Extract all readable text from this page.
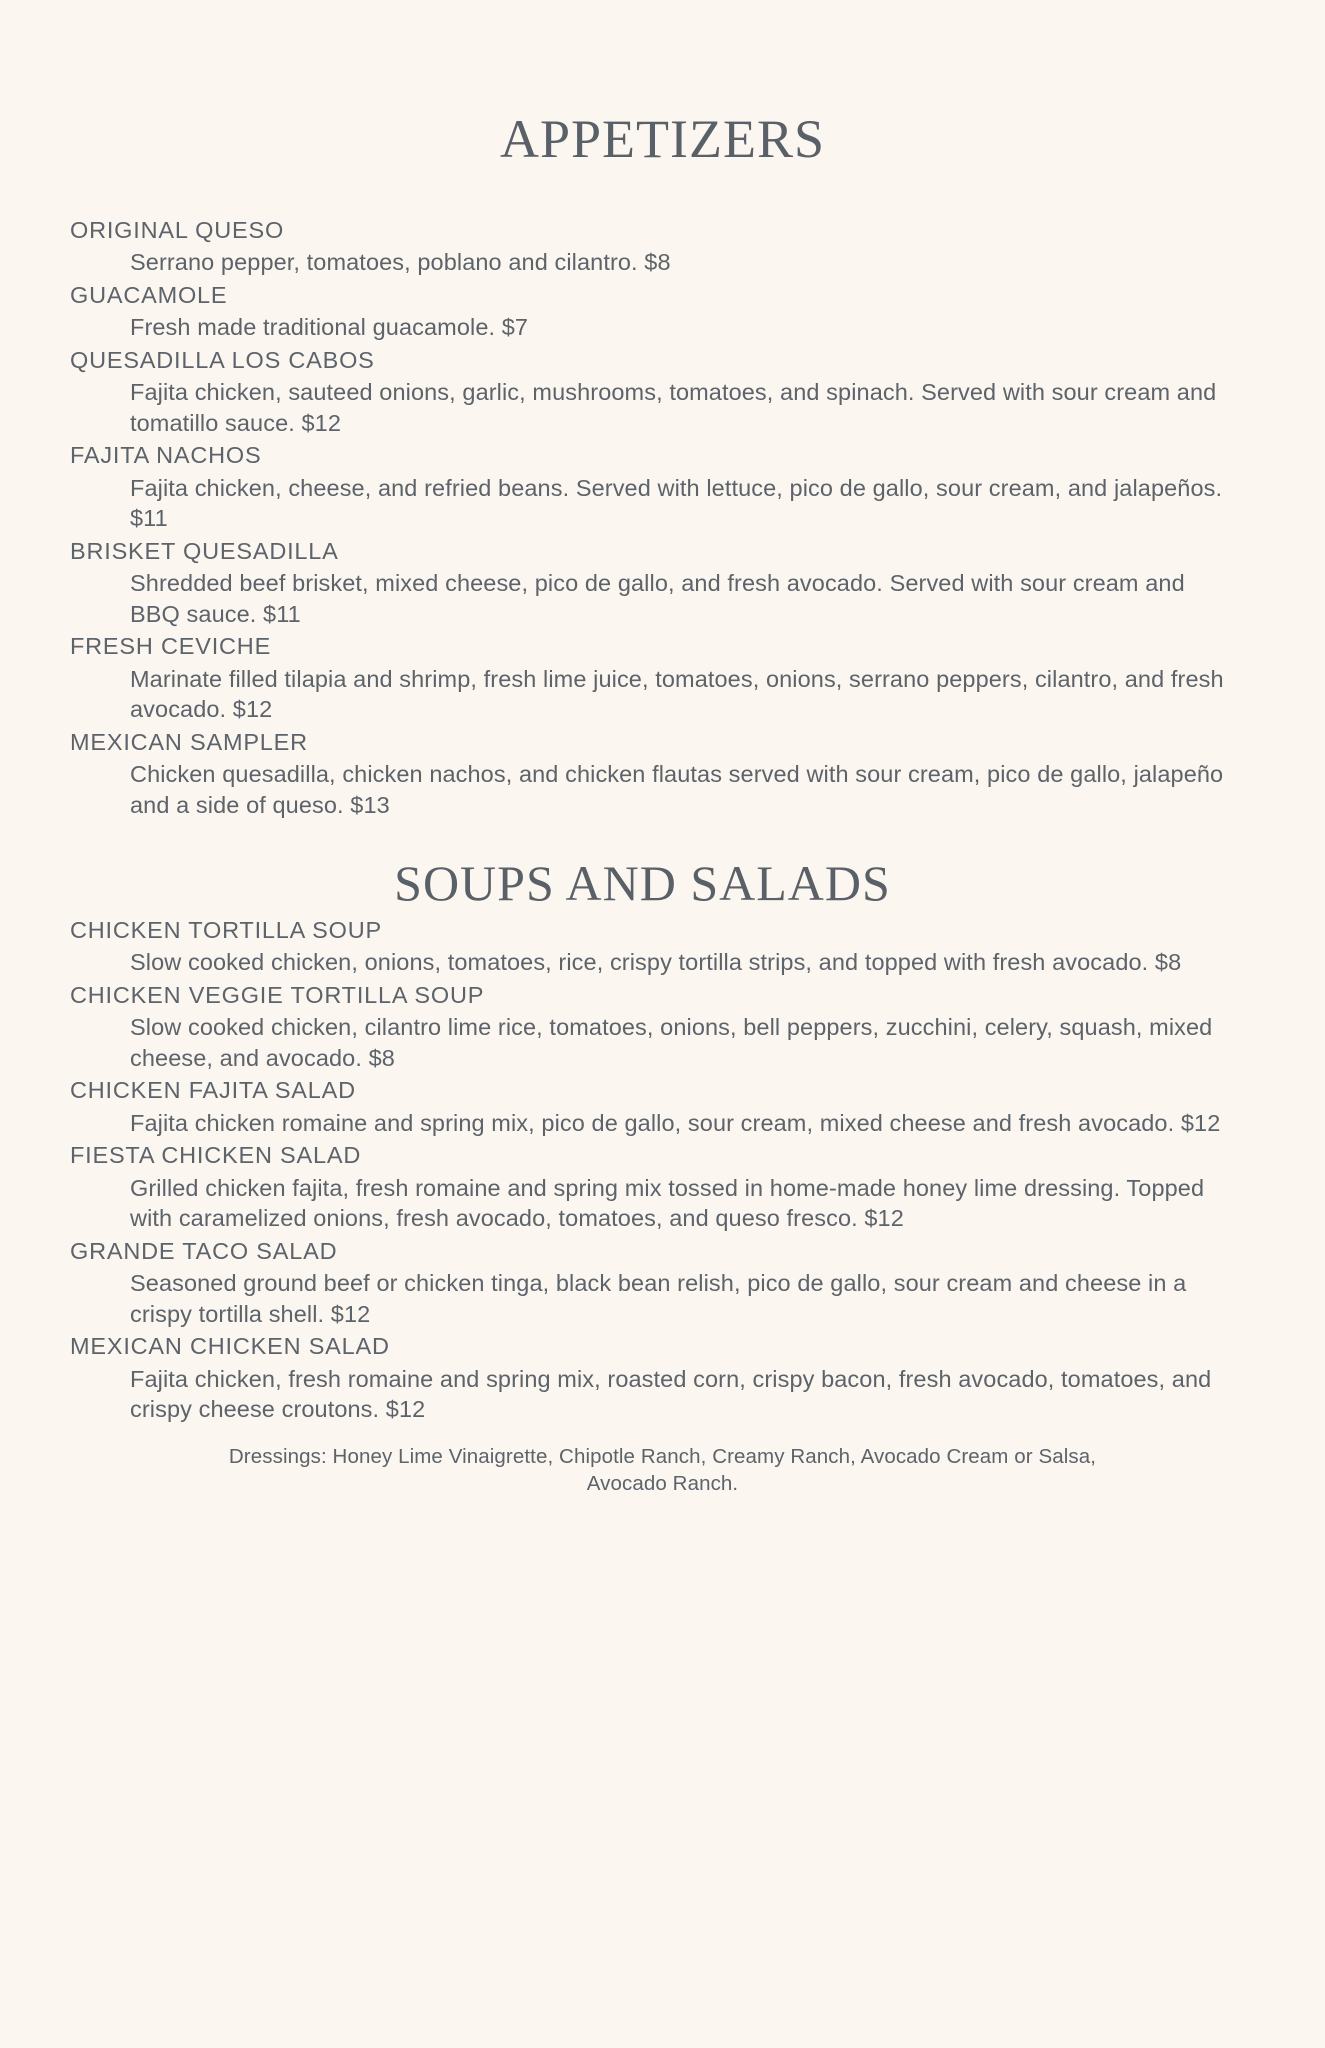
APPETIZERS
ORIGINAL QUESO
Serrano pepper, tomatoes, poblano and cilantro. $8
GUACAMOLE
Fresh made traditional guacamole. $7
QUESADILLA LOS CABOS
Fajita chicken, sauteed onions, garlic, mushrooms, tomatoes, and spinach. Served with sour cream and tomatillo sauce. $12
FAJITA NACHOS
Fajita chicken, cheese, and refried beans. Served with lettuce, pico de gallo, sour cream, and jalapeños. $11
BRISKET QUESADILLA
Shredded beef brisket, mixed cheese, pico de gallo, and fresh avocado. Served with sour cream and BBQ sauce. $11
FRESH CEVICHE
Marinate filled tilapia and shrimp, fresh lime juice, tomatoes, onions, serrano peppers, cilantro, and fresh avocado. $12
MEXICAN SAMPLER
Chicken quesadilla, chicken nachos, and chicken flautas served with sour cream, pico de gallo, jalapeño and a side of queso. $13
SOUPS AND SALADS
CHICKEN TORTILLA SOUP
Slow cooked chicken, onions, tomatoes, rice, crispy tortilla strips, and topped with fresh avocado. $8
CHICKEN VEGGIE TORTILLA SOUP
Slow cooked chicken, cilantro lime rice, tomatoes, onions, bell peppers, zucchini, celery, squash, mixed cheese, and avocado. $8
CHICKEN FAJITA SALAD
Fajita chicken romaine and spring mix, pico de gallo, sour cream, mixed cheese and fresh avocado. $12
FIESTA CHICKEN SALAD
Grilled chicken fajita, fresh romaine and spring mix tossed in home-made honey lime dressing. Topped with caramelized onions, fresh avocado, tomatoes, and queso fresco. $12
GRANDE TACO SALAD
Seasoned ground beef or chicken tinga, black bean relish, pico de gallo, sour cream and cheese in a crispy tortilla shell. $12
MEXICAN CHICKEN SALAD
Fajita chicken, fresh romaine and spring mix, roasted corn, crispy bacon, fresh avocado, tomatoes, and crispy cheese croutons. $12
Dressings: Honey Lime Vinaigrette, Chipotle Ranch, Creamy Ranch, Avocado Cream or Salsa, Avocado Ranch.
